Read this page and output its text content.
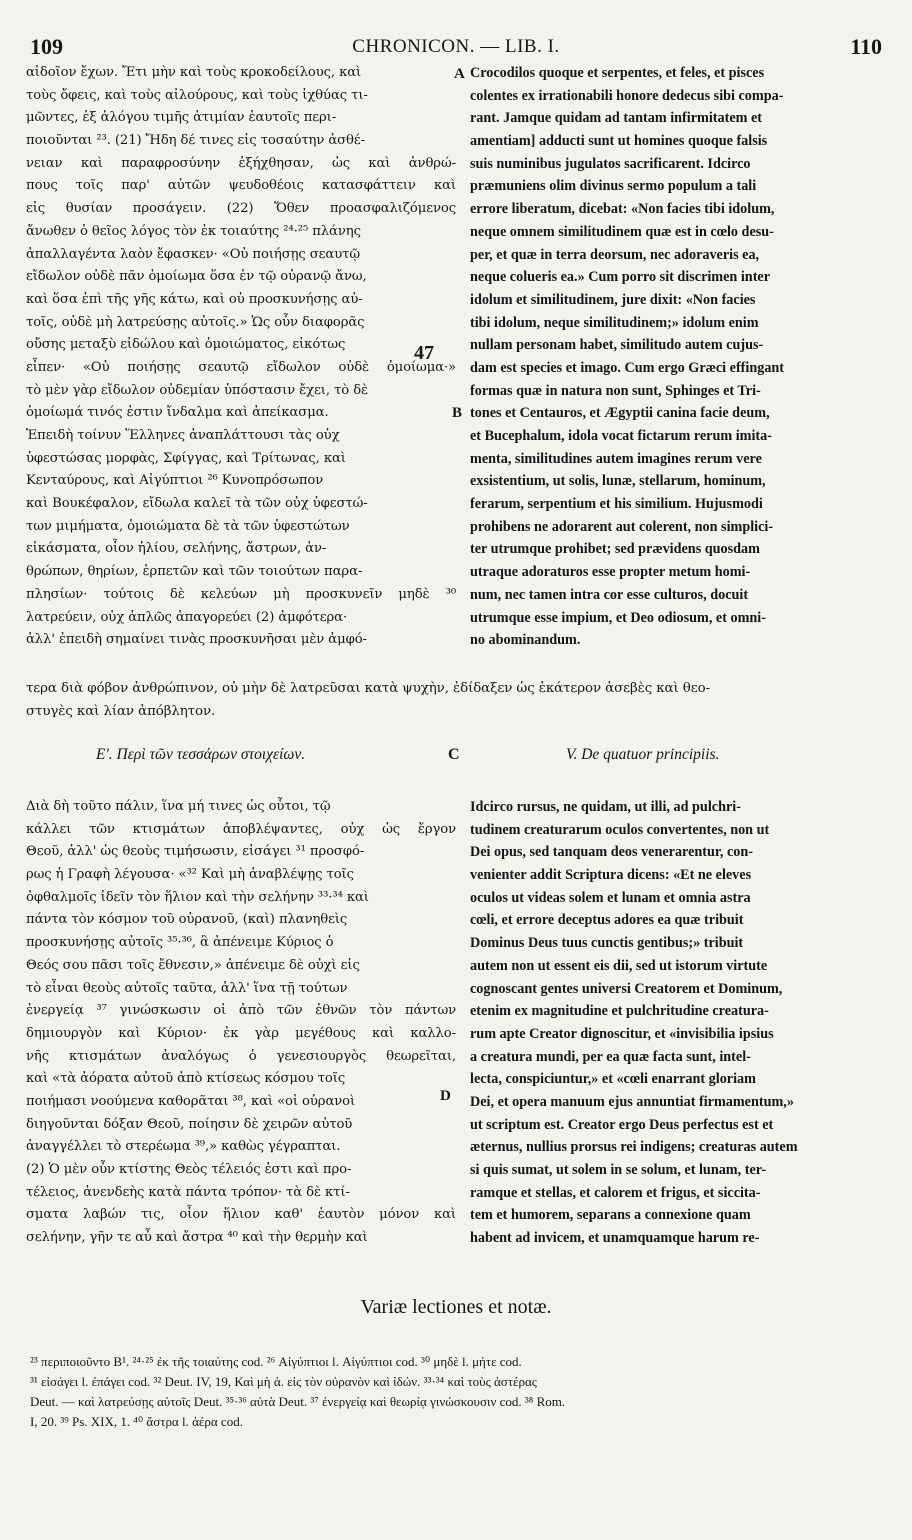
109	CHRONICON. — LIB. I.	110
αἰδοῖον ἔχων. Ἔτι μὴν καὶ τοὺς κροκοδείλους, καὶ
τοὺς ὄφεις, καὶ τοὺς αἰλούρους, καὶ τοὺς ἰχθύας τι-
μῶντες, ἐξ ἀλόγου τιμῆς ἀτιμίαν ἑαυτοῖς περι-
ποιοῦνται ²³. (21) Ἤδη δέ τινες εἰς τοσαύτην ἀσθέ-
νειαν καὶ παραφροσύνην ἐξήχθησαν, ὡς καὶ ἀνθρώ-
πους τοῖς παρ' αὐτῶν ψευδοθέοις κατασφάττειν καὶ
εἰς θυσίαν προσάγειν. (22) Ὅθεν προασφαλιζόμενος
ἄνωθεν ὁ θεῖος λόγος τὸν ἐκ τοιαύτης ²⁴·²⁵ πλάνης
ἀπαλλαγέντα λαὸν ἔφασκεν· «Οὐ ποιήσῃς σεαυτῷ
εἴδωλον οὐδὲ πᾶν ὁμοίωμα ὅσα ἐν τῷ οὐρανῷ ἄνω,
καὶ ὅσα ἐπὶ τῆς γῆς κάτω, καὶ οὐ προσκυνήσῃς αὐ-
τοῖς, οὐδὲ μὴ λατρεύσῃς αὐτοῖς.» Ὡς οὖν διαφορᾶς
οὔσης μεταξὺ εἰδώλου καὶ ὁμοιώματος, εἰκότως
εἶπεν· «Οὐ ποιήσῃς σεαυτῷ εἴδωλον οὐδὲ ὁμοίωμα·»
τὸ μὲν γὰρ εἴδωλον οὐδεμίαν ὑπόστασιν ἔχει, τὸ δὲ
ὁμοίωμά τινός ἐστιν ἴνδαλμα καὶ ἀπείκασμα.
Ἐπειδὴ τοίνυν Ἕλληνες ἀναπλάττουσι τὰς οὐχ
ὑφεστώσας μορφὰς, Σφίγγας, καὶ Τρίτωνας, καὶ
Κενταύρους, καὶ Αἰγύπτιοι ²⁶ Κυνοπρόσωπον
καὶ Βουκέφαλον, εἴδωλα καλεῖ τὰ τῶν οὐχ ὑφεστώ-
των μιμήματα, ὁμοιώματα δὲ τὰ τῶν ὑφεστώτων
εἰκάσματα, οἷον ἡλίου, σελήνης, ἄστρων, ἀν-
θρώπων, θηρίων, ἑρπετῶν καὶ τῶν τοιούτων παρα-
πλησίων· τούτοις δὲ κελεύων μὴ προσκυνεῖν μηδὲ ³⁰
λατρεύειν, οὐχ ἁπλῶς ἀπαγορεύει (2) ἀμφότερα·
ἀλλ' ἐπειδὴ σημαίνει τινὰς προσκυνῆσαι μὲν ἀμφό-
Crocodilos quoque et serpentes, et feles, et pisces
colentes ex irrationabili honore dedecus sibi compa-
rant. Jamque quidam ad tantam infirmitatem et
amentiam] adducti sunt ut homines quoque falsis
suis numinibus jugulatos sacrificarent. Idcirco
præmuniens olim divinus sermo populum a tali
errore liberatum, dicebat: «Non facies tibi idolum,
neque omnem similitudinem quæ est in cœlo desu-
per, et quæ in terra deorsum, nec adoraveris ea,
neque colueris ea.» Cum porro sit discrimen inter
idolum et similitudinem, jure dixit: «Non facies
tibi idolum, neque similitudinem;» idolum enim
nullam personam habet, similitudo autem cujus-
dam est species et imago. Cum ergo Græci effingant
formas quæ in natura non sunt, Sphinges et Tri-
tones et Centauros, et Ægyptii canina facie deum,
et Bucephalum, idola vocat fictarum rerum imita-
menta, similitudines autem imagines rerum vere
exsistentium, ut solis, lunæ, stellarum, hominum,
ferarum, serpentium et his similium. Hujusmodi
prohibens ne adorarent aut colerent, non simplici-
ter utrumque prohibet; sed prævidens quosdam
utraque adoraturos esse propter metum homi-
num, nec tamen intra cor esse culturos, docuit
utrumque esse impium, et Deo odiosum, et omni-
no abominandum.
A
B
47
τερα διὰ φόβον ἀνθρώπινον, οὐ μὴν δὲ λατρεῦσαι κατὰ ψυχὴν, ἐδίδαξεν ὡς ἑκάτερον ἀσεβὲς καὶ θεο-
στυγὲς καὶ λίαν ἀπόβλητον.
Ε'. Περὶ τῶν τεσσάρων στοιχείων.	C	V. De quatuor principiis.
Διὰ δὴ τοῦτο πάλιν, ἵνα μή τινες ὡς οὗτοι, τῷ
κάλλει τῶν κτισμάτων ἀποβλέψαντες, οὐχ ὡς ἔργον
Θεοῦ, ἀλλ' ὡς θεοὺς τιμήσωσιν, εἰσάγει ³¹ προσφό-
ρως ἡ Γραφὴ λέγουσα· «³² Καὶ μὴ ἀναβλέψῃς τοῖς
ὀφθαλμοῖς ἰδεῖν τὸν ἥλιον καὶ τὴν σελήνην ³³·³⁴ καὶ
πάντα τὸν κόσμον τοῦ οὐρανοῦ, (καὶ) πλανηθεὶς
προσκυνήσῃς αὐτοῖς ³⁵·³⁶, ἃ ἀπένειμε Κύριος ὁ
Θεός σου πᾶσι τοῖς ἔθνεσιν,» ἀπένειμε δὲ οὐχὶ εἰς
τὸ εἶναι θεοὺς αὐτοῖς ταῦτα, ἀλλ' ἵνα τῇ τούτων
ἐνεργείᾳ ³⁷ γινώσκωσιν οἱ ἀπὸ τῶν ἐθνῶν τὸν πάντων
δημιουργὸν καὶ Κύριον· ἐκ γὰρ μεγέθους καὶ καλλο-
νῆς κτισμάτων ἀναλόγως ὁ γενεσιουργὸς θεωρεῖται,
καὶ «τὰ ἀόρατα αὐτοῦ ἀπὸ κτίσεως κόσμου τοῖς
ποιήμασι νοούμενα καθορᾶται ³⁸, καὶ «οἱ οὐρανοὶ
διηγοῦνται δόξαν Θεοῦ, ποίησιν δὲ χειρῶν αὐτοῦ
ἀναγγέλλει τὸ στερέωμα ³⁹,» καθὼς γέγραπται.
(2) Ὁ μὲν οὖν κτίστης Θεὸς τέλειός ἐστι καὶ προ-
τέλειος, ἀνενδεὴς κατὰ πάντα τρόπον· τὰ δὲ κτί-
σματα λαβών τις, οἷον ἥλιον καθ' ἑαυτὸν μόνον καὶ
σελήνην, γῆν τε αὖ καὶ ἄστρα ⁴⁰ καὶ τὴν θερμὴν καὶ
Idcirco rursus, ne quidam, ut illi, ad pulchri-
tudinem creaturarum oculos convertentes, non ut
Dei opus, sed tanquam deos venerarentur, con-
venienter addit Scriptura dicens: «Et ne eleves
oculos ut videas solem et lunam et omnia astra
cœli, et errore deceptus adores ea quæ tribuit
Dominus Deus tuus cunctis gentibus;» tribuit
autem non ut essent eis dii, sed ut istorum virtute
cognoscant gentes universi Creatorem et Dominum,
etenim ex magnitudine et pulchritudine creatura-
rum apte Creator dignoscitur, et «invisibilia ipsius
a creatura mundi, per ea quæ facta sunt, intel-
lecta, conspiciuntur,» et «cœli enarrant gloriam
Dei, et opera manuum ejus annuntiat firmamentum,»
ut scriptum est. Creator ergo Deus perfectus est et
æternus, nullius prorsus rei indigens; creaturas autem
si quis sumat, ut solem in se solum, et lunam, ter-
ramque et stellas, et calorem et frigus, et siccita-
tem et humorem, separans a connexione quam
habent ad invicem, et unamquamque harum re-
D
Variæ lectiones et notæ.
²³ περιποιοῦντο B¹. ²⁴·²⁵ ἐκ τῆς τοιαύτης cod. ²⁶ Αἰγύπτιοι l. Αἰγύπτιοι cod. ³⁰ μηδὲ l. μήτε cod.
³¹ εἰσάγει l. ἐπάγει cod. ³² Deut. IV, 19, Καὶ μὴ ἀ. εἰς τὸν οὐρανὸν καὶ ἰδών. ³³·³⁴ καὶ τοὺς ἀστέρας
Deut. — καὶ λατρεύσῃς αὐτοῖς Deut. ³⁵·³⁶ αὐτὰ Deut. ³⁷ ἐνεργείᾳ καὶ θεωρίᾳ γινώσκουσιν cod. ³⁸ Rom.
I, 20. ³⁹ Ps. XIX, 1. ⁴⁰ ἄστρα l. ἀέρα cod.
